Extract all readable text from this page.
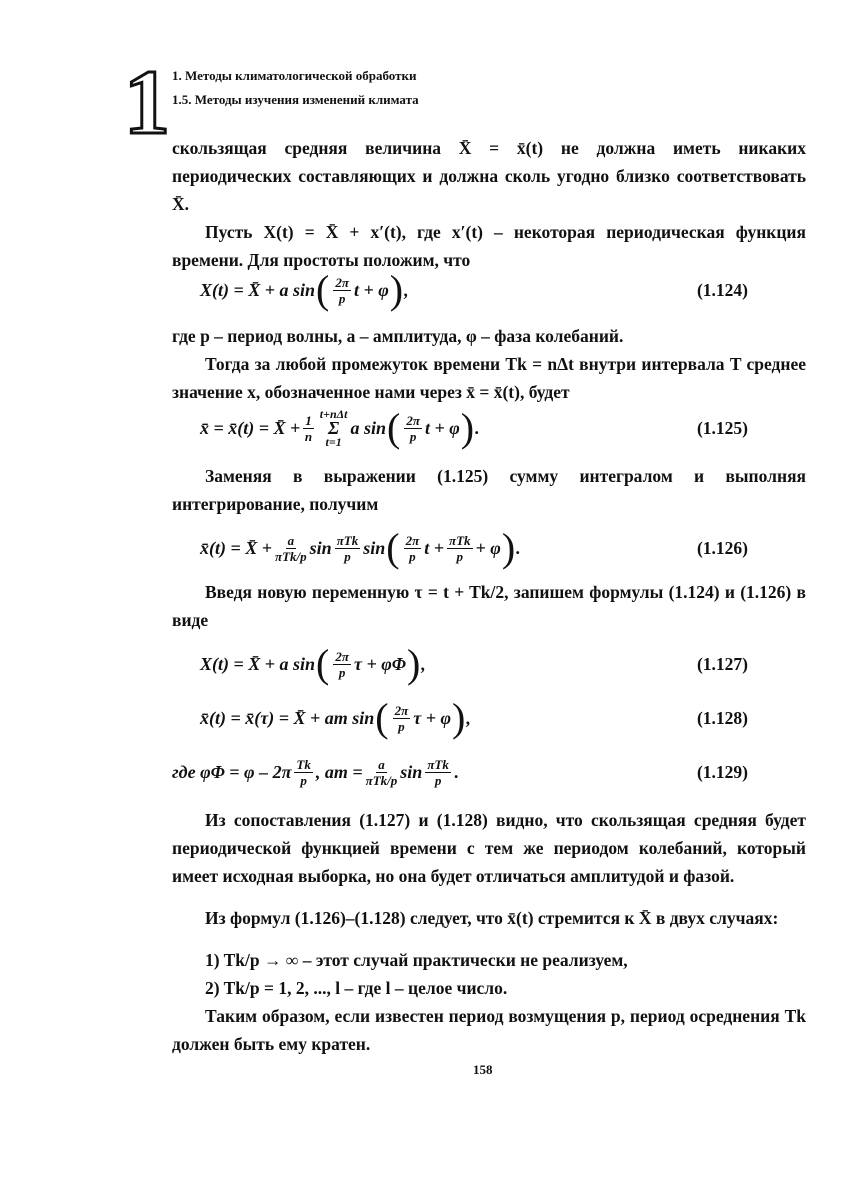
1 1. Методы климатологической обработки
1.5. Методы изучения изменений климата
скользящая средняя величина X̄ = x̄(t) не должна иметь никаких периодических составляющих и должна сколь угодно близко соответствовать X̄.
Пусть X(t) = X̄ + x′(t), где x′(t) – некоторая периодическая функция времени. Для простоты положим, что
X(t) = X̄ + a sin ( $\frac{2\pi}{p}$ t + φ ) ,	(1.124)
где p – период волны, a – амплитуда, φ – фаза колебаний.
Тогда за любой промежуток времени Tk = nΔt внутри интервала T среднее значение x, обозначенное нами через x̄ = x̄(t), будет
x̄ = x̄(t) = X̄ + $\frac{1}{n} t+n\Delta t$
Σ
t=1
a sin ( $\frac{2\pi}{p}$ t + φ ) .	(1.125)
Заменяя в выражении (1.125) сумму интегралом и выполняя интегрирование, получим
x̄(t) = X̄ + $\frac{a}{\text{πTk/p}}$ $\sin \frac{\text{πTk}}{p}$ sin ( $\frac{2\pi}{p}$ $t + \frac{\text{πTk}}{p} + \varphi$ ) .	(1.126)
Введя новую переменную τ = t + Tk/2, запишем формулы (1.124) и (1.126) в виде
X(t) = X̄ + a sin ( $\frac{2\pi}{p}$ τ + φΦ ) ,	(1.127)
x̄(t) = x̄(τ) = X̄ + am sin ( $\frac{2\pi}{p}$ τ + φ ) ,	(1.128)
где $\varphi\Phi = \varphi - 2\pi \frac{Tk}{p}$ , am = $\frac{a}{\text{πTk/p}}$ $\sin \frac{\text{πTk}}{p}$ .	(1.129)
Из сопоставления (1.127) и (1.128) видно, что скользящая средняя будет периодической функцией времени с тем же периодом колебаний, который имеет исходная выборка, но она будет отличаться амплитудой и фазой.
Из формул (1.126)–(1.128) следует, что x̄(t) стремится к X̄ в двух случаях:
1) Tk/p → ∞ – этот случай практически не реализуем,
2) Tk/p = 1, 2, ..., l – где l – целое число.
Таким образом, если известен период возмущения p, период осреднения Tk должен быть ему кратен.
158
